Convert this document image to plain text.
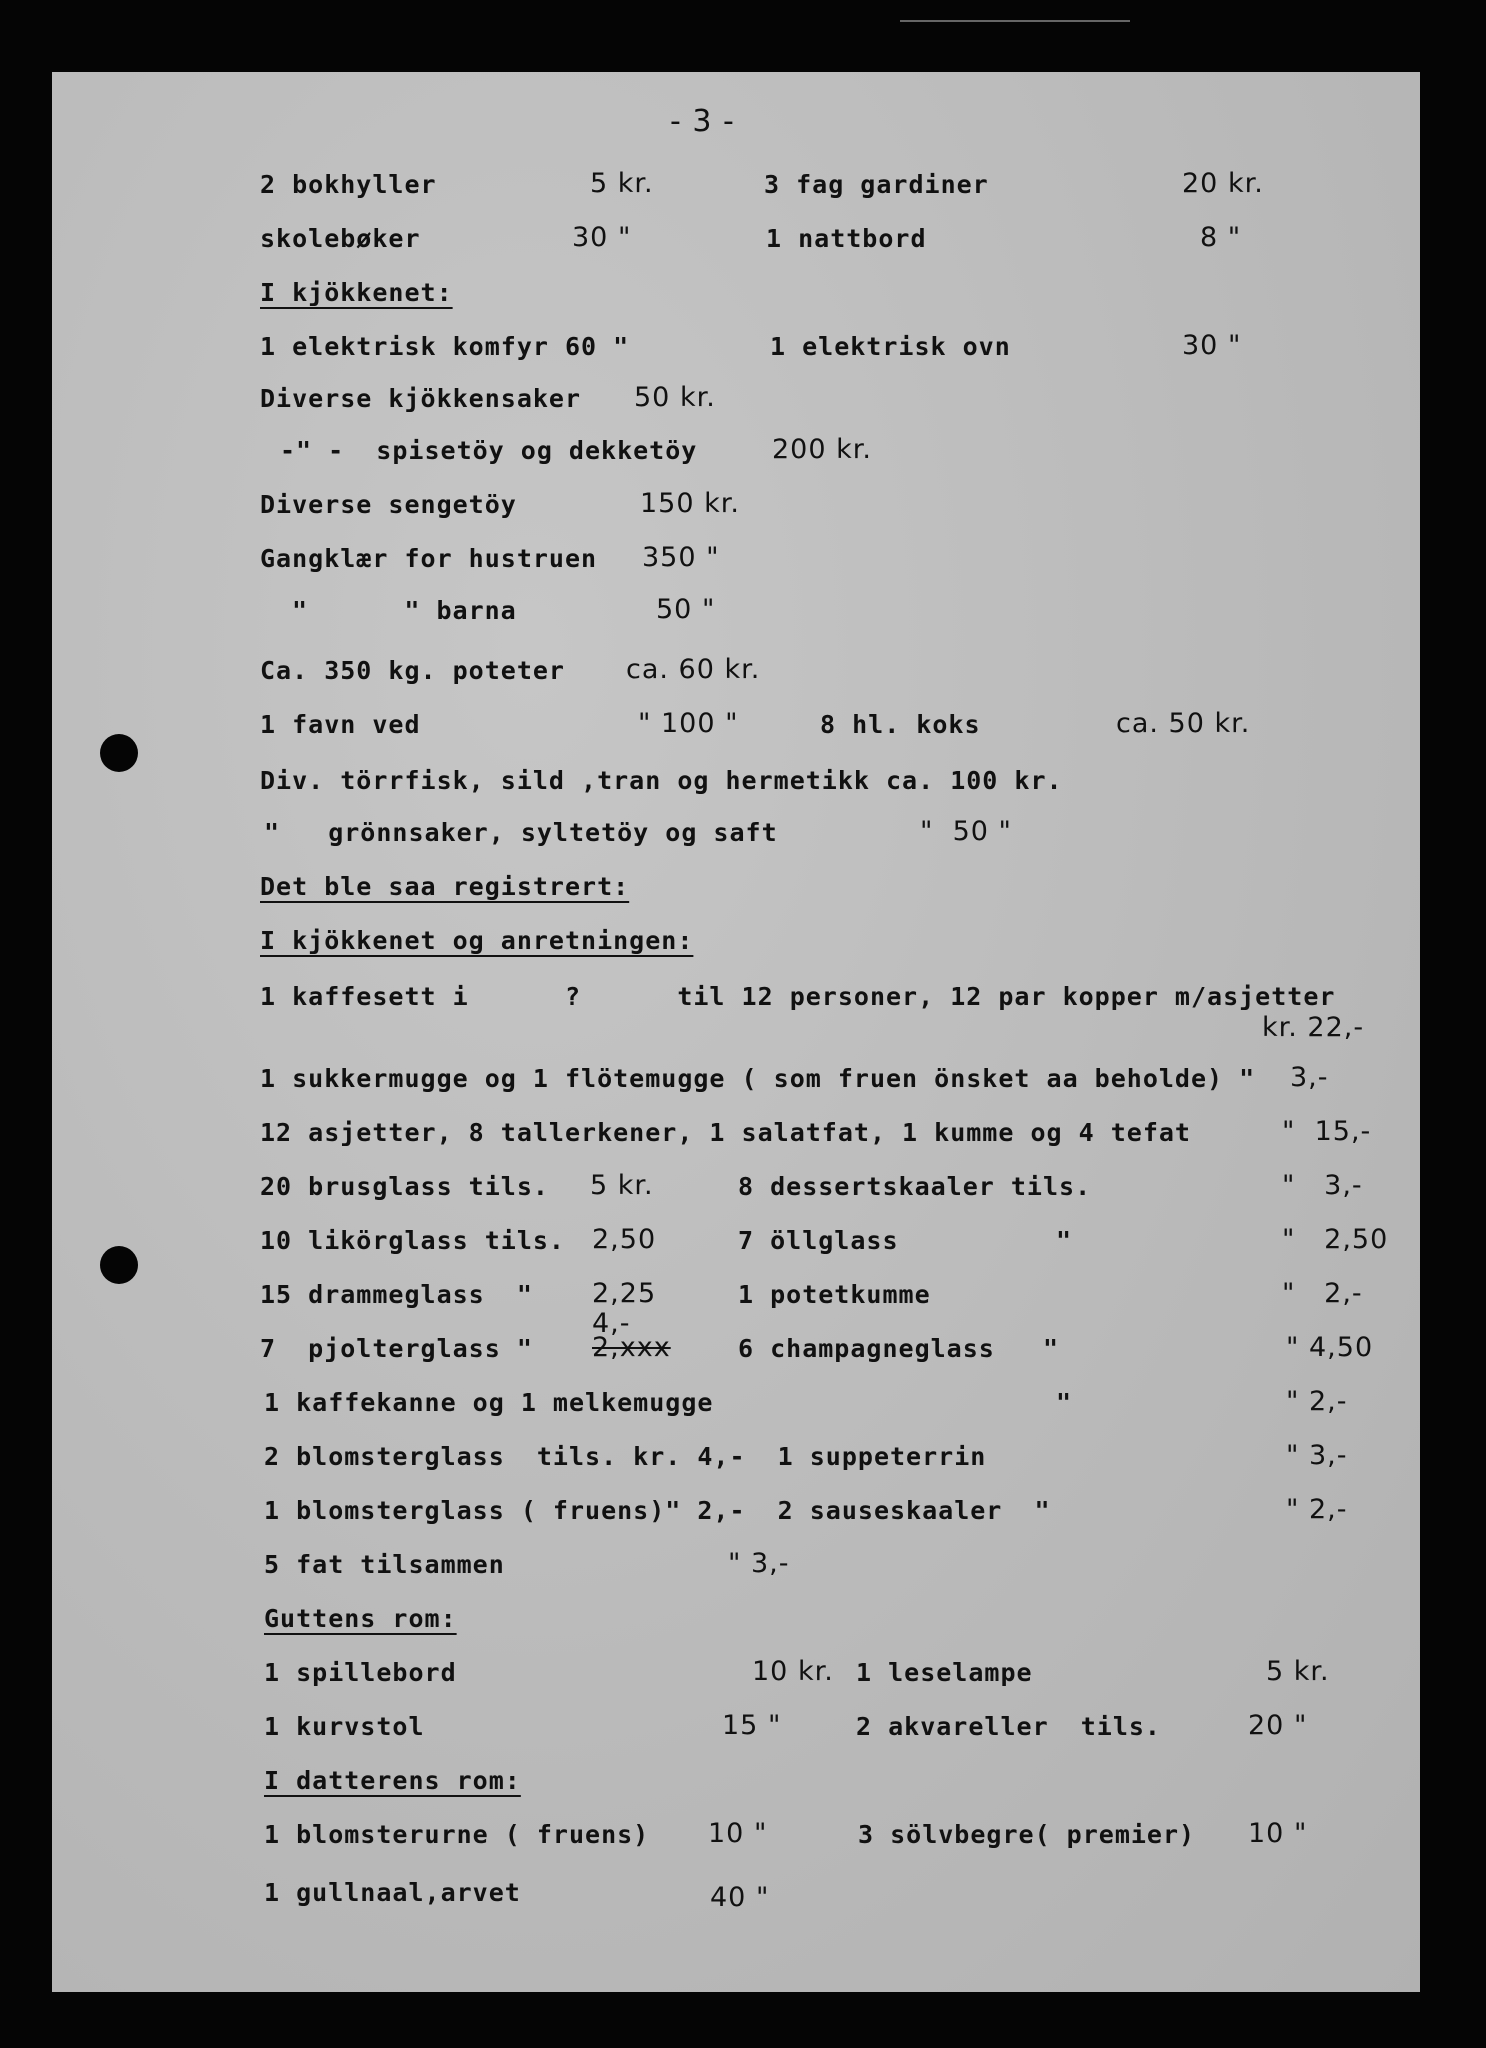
- 3 -
2 bokhyller	5 kr.	3 fag gardiner	20 kr.
skolebøker	30 "	1 nattbord	8 "
I kjökkenet:
1 elektrisk komfyr 60 "	1 elektrisk ovn	30 "
Diverse kjökkensaker 50 kr.
-" -  spisetöy og dekketöy	200 kr.
Diverse sengetöy	150 kr.
Gangklær for hustruen 350 "
"      " barna	50 "
Ca. 350 kg. poteter ca. 60 kr.
1 favn ved	" 100 "	8 hl. koks	ca. 50 kr.
Div. törrfisk, sild ,tran og hermetikk ca. 100 kr.
"   grönnsaker, syltetöy og saft	"  50 "
Det ble saa registrert:
I kjökkenet og anretningen:
1 kaffesett i      ?      til 12 personer, 12 par kopper m/asjetter
kr. 22,-
1 sukkermugge og 1 flötemugge ( som fruen önsket aa beholde) " 3,-
12 asjetter, 8 tallerkener, 1 salatfat, 1 kumme og 4 tefat	"  15,-
20 brusglass tils. 5 kr.	8 dessertskaaler tils.	"   3,-
10 likörglass tils. 2,50	7 öllglass	"	"   2,50
15 drammeglass  " 2,25	1 potetkumme	"   2,-
4,-
7  pjolterglass " 2,xxx	6 champagneglass   "	" 4,50
1 kaffekanne og 1 melkemugge	"	" 2,-
2 blomsterglass  tils. kr. 4,-  1 suppeterrin	" 3,-
1 blomsterglass ( fruens)" 2,-  2 sauseskaaler  "	" 2,-
5 fat tilsammen	" 3,-
Guttens rom:
1 spillebord	10 kr. 1 leselampe	5 kr.
1 kurvstol	15 "	2 akvareller  tils.	20 "
I datterens rom:
1 blomsterurne ( fruens) 10 "	3 sölvbegre( premier) 10 "
1 gullnaal,arvet	40 "
